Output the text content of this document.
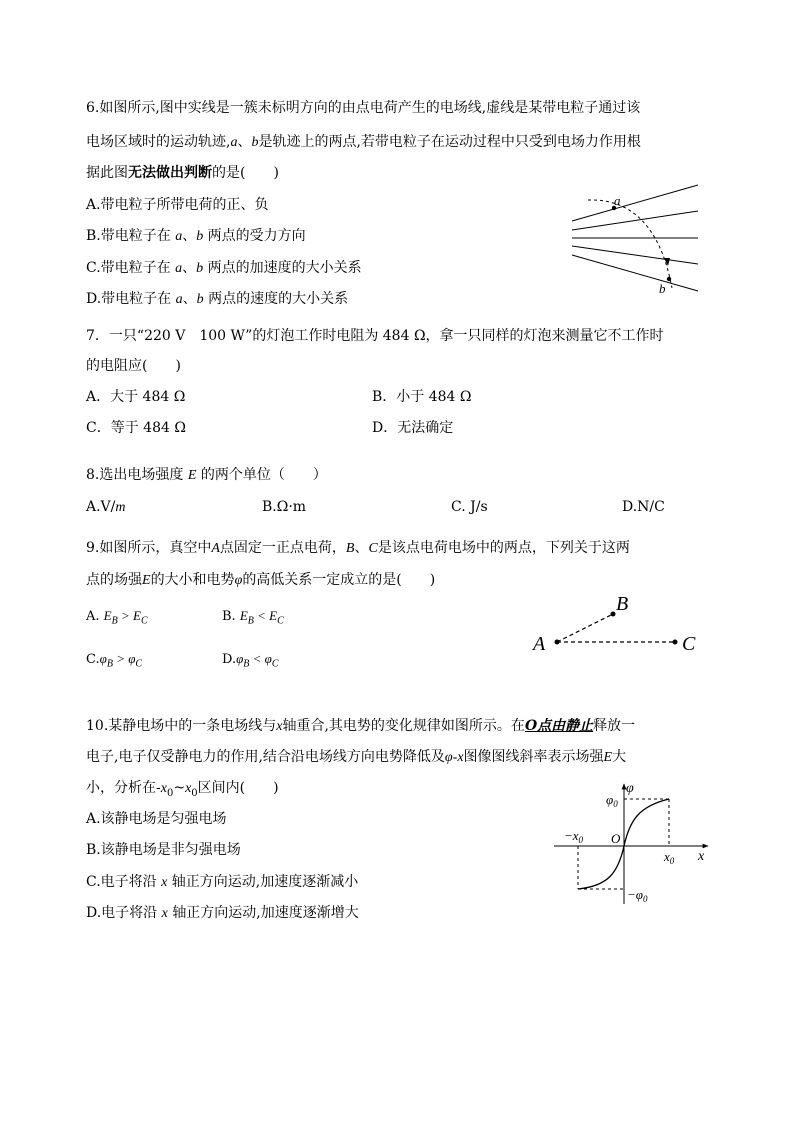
6.如图所示,图中实线是一簇未标明方向的由点电荷产生的电场线,虚线是某带电粒子通过该
电场区域时的运动轨迹,a、b是轨迹上的两点,若带电粒子在运动过程中只受到电场力作用根
据此图无法做出判断的是(　　)
A.带电粒子所带电荷的正、负
B.带电粒子在 a、b 两点的受力方向
C.带电粒子在 a、b 两点的加速度的大小关系
D.带电粒子在 a、b 两点的速度的大小关系
a
b
7．一只“220 V　100 W”的灯泡工作时电阻为 484 Ω，拿一只同样的灯泡来测量它不工作时
的电阻应(　　)
A．大于 484 Ω	B．小于 484 Ω
C．等于 484 Ω	D．无法确定
8.选出电场强度 E 的两个单位（　　）
A.V/m	B.Ω·m	C. J/s	D.N/C
9.如图所示，真空中A点固定一正点电荷，B、C是该点电荷电场中的两点，下列关于这两
点的场强E的大小和电势φ的高低关系一定成立的是(　　)
A. $E_B > E_C$	B. $E_B < E_C$
$C.\varphi_B > \varphi_C$	$D.\varphi_B < \varphi_C$
A
B
C
10.某静电场中的一条电场线与x轴重合,其电势的变化规律如图所示。在O点由静止释放一
电子,电子仅受静电力的作用,结合沿电场线方向电势降低及φ-x图像图线斜率表示场强E大
小，分析在$-x_0\sim x_0$区间内(　　)
A.该静电场是匀强电场
B.该静电场是非匀强电场
C.电子将沿 x 轴正方向运动,加速度逐渐减小
D.电子将沿 x 轴正方向运动,加速度逐渐增大
φ
$\varphi_0$
$-\varphi_0$
$-x_0$ O
$x_0$ x
